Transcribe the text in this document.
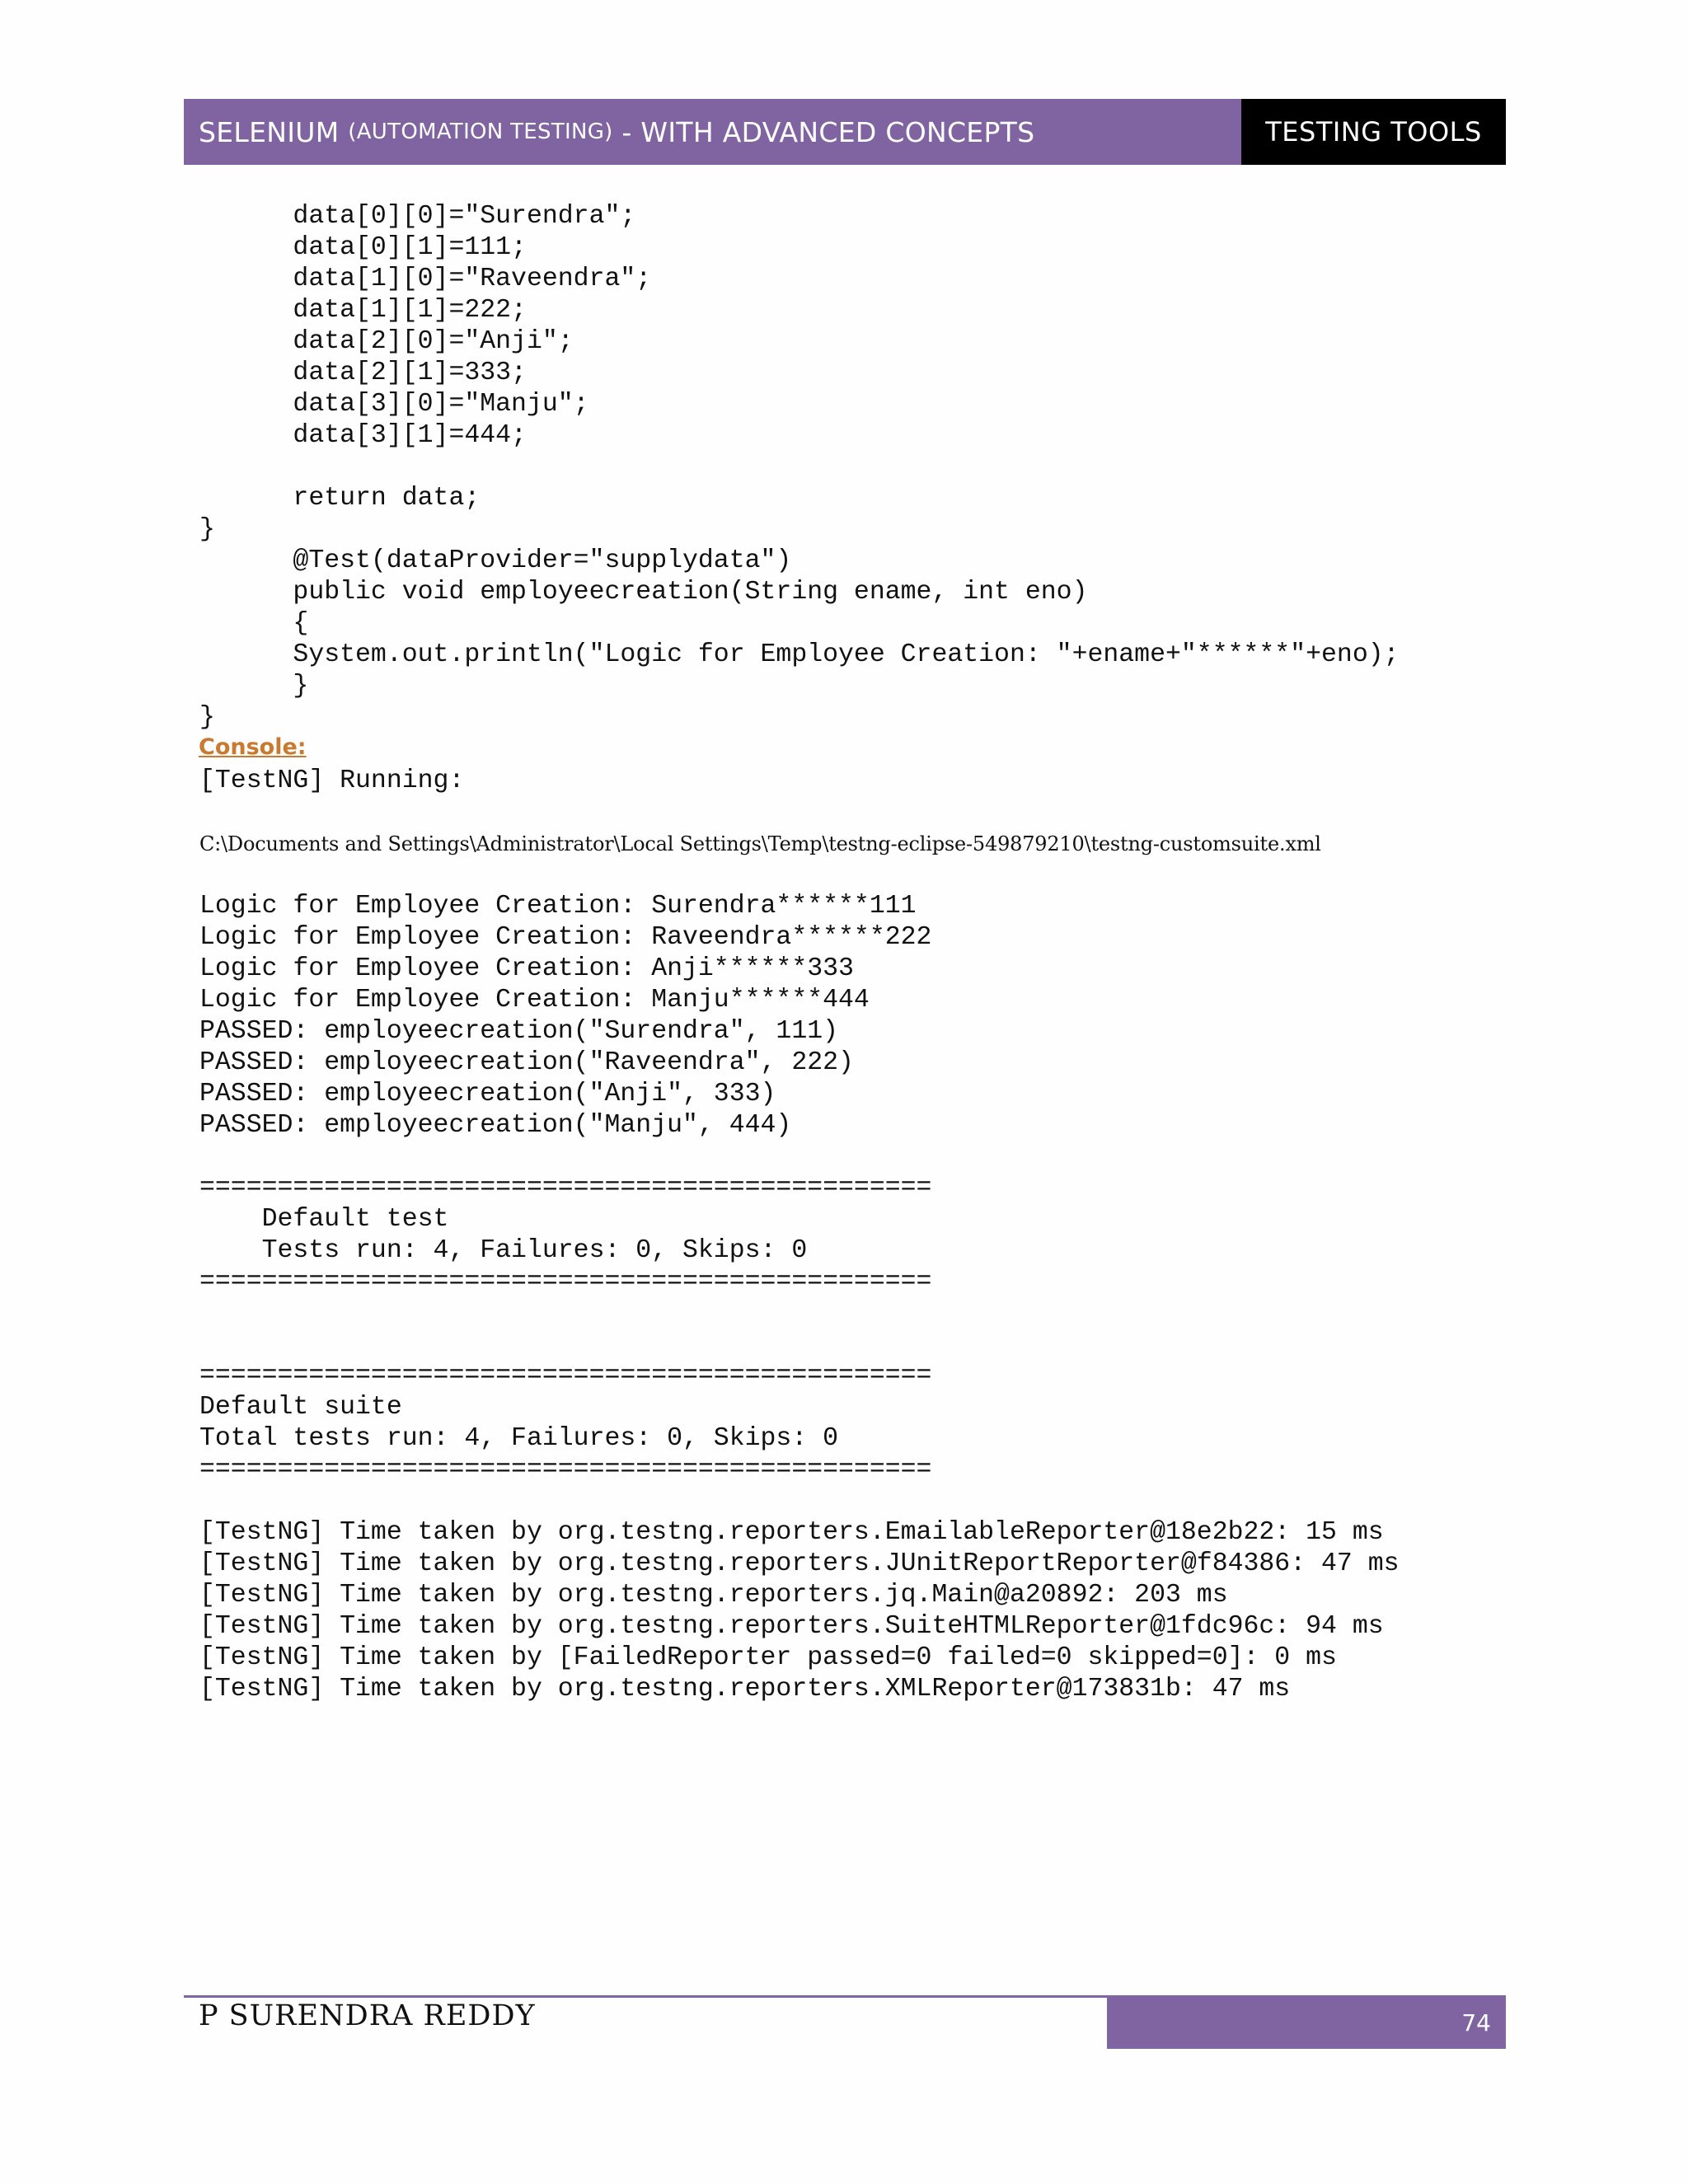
SELENIUM
(AUTOMATION TESTING)
- WITH ADVANCED CONCEPTS	TESTING TOOLS
data[0][0]="Surendra";
data[0][1]=111;
data[1][0]="Raveendra";
data[1][1]=222;
data[2][0]="Anji";
data[2][1]=333;
data[3][0]="Manju";
data[3][1]=444;

return data;
}
@Test(dataProvider="supplydata")
public void employeecreation(String ename, int eno)
{
System.out.println("Logic for Employee Creation: "+ename+"******"+eno);
}
}
Console:
[TestNG] Running:
C:\Documents and Settings\Administrator\Local Settings\Temp\testng-eclipse-549879210\testng-customsuite.xml
Logic for Employee Creation: Surendra******111
Logic for Employee Creation: Raveendra******222
Logic for Employee Creation: Anji******333
Logic for Employee Creation: Manju******444
PASSED: employeecreation("Surendra", 111)
PASSED: employeecreation("Raveendra", 222)
PASSED: employeecreation("Anji", 333)
PASSED: employeecreation("Manju", 444)
===============================================
Default test
Tests run: 4, Failures: 0, Skips: 0
===============================================
===============================================
Default suite
Total tests run: 4, Failures: 0, Skips: 0
===============================================
[TestNG] Time taken by org.testng.reporters.EmailableReporter@18e2b22: 15 ms
[TestNG] Time taken by org.testng.reporters.JUnitReportReporter@f84386: 47 ms
[TestNG] Time taken by org.testng.reporters.jq.Main@a20892: 203 ms
[TestNG] Time taken by org.testng.reporters.SuiteHTMLReporter@1fdc96c: 94 ms
[TestNG] Time taken by [FailedReporter passed=0 failed=0 skipped=0]: 0 ms
[TestNG] Time taken by org.testng.reporters.XMLReporter@173831b: 47 ms
P SURENDRA REDDY	74
